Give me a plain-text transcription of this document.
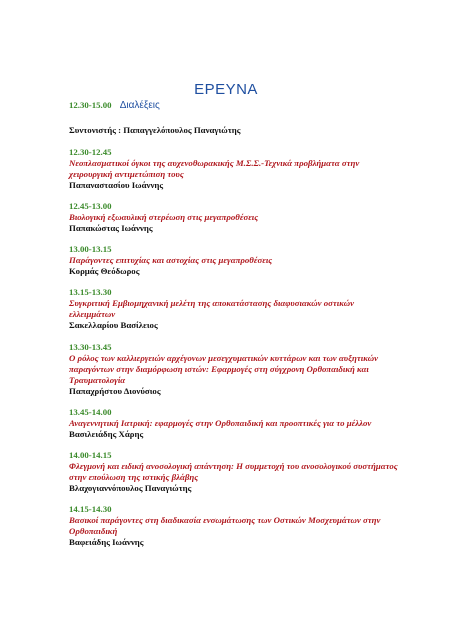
ΕΡΕΥΝΑ
12.30-15.00 Διαλέξεις
Συντονιστής : Παπαγγελόπουλος Παναγιώτης
12.30-12.45
Νεοπλασματικοί όγκοι της αυχενοθωρακικής Μ.Σ.Σ.-Τεχνικά προβλήματα στην χειρουργική αντιμετώπιση τους
Παπαναστασίου Ιωάννης
12.45-13.00
Βιολογική εξωαυλική στερέωση στις μεγαπροθέσεις
Παπακώστας Ιωάννης
13.00-13.15
Παράγοντες επιτυχίας και αστοχίας στις μεγαπροθέσεις
Κορμάς Θεόδωρος
13.15-13.30
Συγκριτική Εμβιομηχανική μελέτη της αποκατάστασης διαφυσιακών οστικών ελλειμμάτων
Σακελλαρίου Βασίλειος
13.30-13.45
Ο ρόλος των καλλιεργειών αρχέγονων μεσεγχυματικών κυττάρων και των αυξητικών παραγόντων στην διαμόρφωση ιστών: Εφαρμογές στη σύγχρονη Ορθοπαιδική και Τραυματολογία
Παπαχρήστου Διονύσιος
13.45-14.00
Αναγεννητική Ιατρική: εφαρμογές στην Ορθοπαιδική και προοπτικές για το μέλλον
Βασιλειάδης Χάρης
14.00-14.15
Φλεγμονή και ειδική ανοσολογική απάντηση: Η συμμετοχή του ανοσολογικού συστήματος στην επούλωση της ιστικής βλάβης
Βλαχογιαννόπουλος Παναγιώτης
14.15-14.30
Βασικοί παράγοντες στη διαδικασία ενσωμάτωσης των Οστικών Μοσχευμάτων στην Ορθοπαιδική
Βαφειάδης Ιωάννης
